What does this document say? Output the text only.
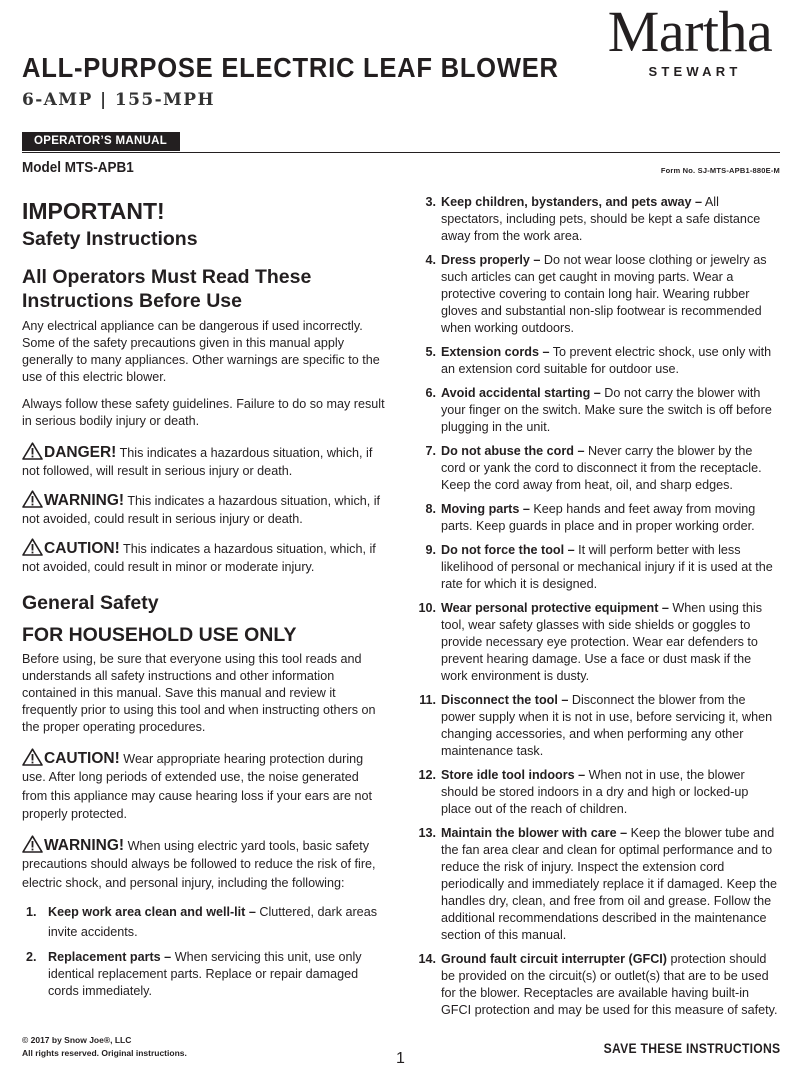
ALL-PURPOSE ELECTRIC LEAF BLOWER
6-AMP | 155-MPH
Martha
STEWART
OPERATOR’S MANUAL
Model MTS-APB1	Form No. SJ-MTS-APB1-880E-M
IMPORTANT!
Safety Instructions
All Operators Must Read These Instructions Before Use

Any electrical appliance can be dangerous if used incorrectly. Some of the safety precautions given in this manual apply generally to many appliances. Other warnings are specific to the use of this electric blower.

Always follow these safety guidelines. Failure to do so may result in serious bodily injury or death.

DANGER! This indicates a hazardous situation, which, if not followed, will result in serious injury or death.
WARNING! This indicates a hazardous situation, which, if not avoided, could result in serious injury or death.
CAUTION! This indicates a hazardous situation, which, if not avoided, could result in minor or moderate injury.
General Safety
FOR HOUSEHOLD USE ONLY

Before using, be sure that everyone using this tool reads and understands all safety instructions and other information contained in this manual. Save this manual and review it frequently prior to using this tool and when instructing others on the proper operating procedures.

CAUTION! Wear appropriate hearing protection during use. After long periods of extended use, the noise generated from this appliance may cause hearing loss if your ears are not properly protected.
WARNING! When using electric yard tools, basic safety precautions should always be followed to reduce the risk of fire, electric shock, and personal injury, including the following:
1. Keep work area clean and well-lit – Cluttered, dark areas invite accidents.
2. Replacement parts – When servicing this unit, use only identical replacement parts. Replace or repair damaged cords immediately.
3. Keep children, bystanders, and pets away – All spectators, including pets, should be kept a safe distance away from the work area.
4. Dress properly – Do not wear loose clothing or jewelry as such articles can get caught in moving parts. Wear a protective covering to contain long hair. Wearing rubber gloves and substantial non-slip footwear is recommended when working outdoors.
5. Extension cords – To prevent electric shock, use only with an extension cord suitable for outdoor use.
6. Avoid accidental starting – Do not carry the blower with your finger on the switch. Make sure the switch is off before plugging in the unit.
7. Do not abuse the cord – Never carry the blower by the cord or yank the cord to disconnect it from the receptacle. Keep the cord away from heat, oil, and sharp edges.
8. Moving parts – Keep hands and feet away from moving parts. Keep guards in place and in proper working order.
9. Do not force the tool – It will perform better with less likelihood of personal or mechanical injury if it is used at the rate for which it is designed.
10. Wear personal protective equipment – When using this tool, wear safety glasses with side shields or goggles to provide necessary eye protection. Wear ear defenders to prevent hearing damage. Use a face or dust mask if the work environment is dusty.
11. Disconnect the tool – Disconnect the blower from the power supply when it is not in use, before servicing it, when changing accessories, and when performing any other maintenance task.
12. Store idle tool indoors – When not in use, the blower should be stored indoors in a dry and high or locked-up place out of the reach of children.
13. Maintain the blower with care – Keep the blower tube and the fan area clear and clean for optimal performance and to reduce the risk of injury. Inspect the extension cord periodically and immediately replace it if damaged. Keep the handles dry, clean, and free from oil and grease. Follow the additional recommendations described in the maintenance section of this manual.
14. Ground fault circuit interrupter (GFCI) protection should be provided on the circuit(s) or outlet(s) that are to be used for the blower. Receptacles are available having built-in GFCI protection and may be used for this measure of safety.
© 2017 by Snow Joe®, LLC
All rights reserved. Original instructions.	1
SAVE THESE INSTRUCTIONS
